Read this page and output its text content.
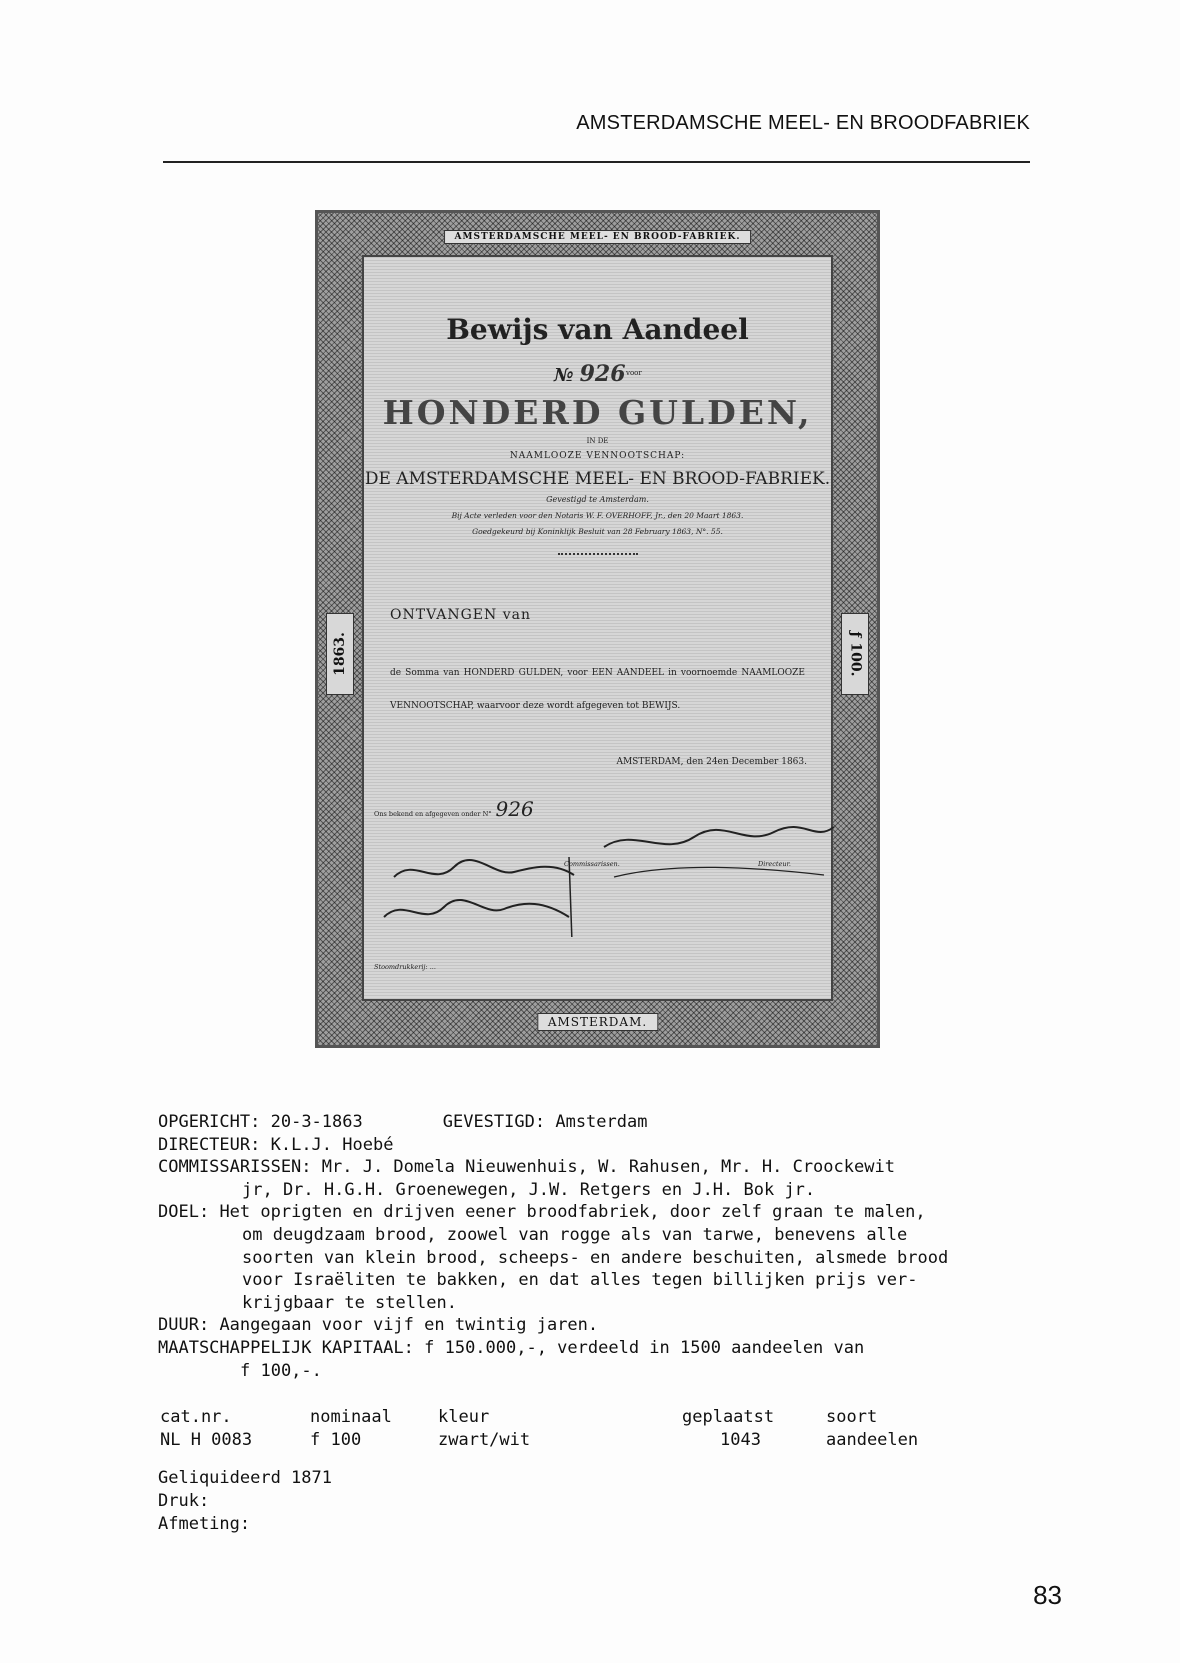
AMSTERDAMSCHE MEEL- EN BROODFABRIEK
AMSTERDAMSCHE MEEL- EN BROOD-FABRIEK.
1863.	ƒ 100.
AMSTERDAM.
Bewijs van Aandeel
№ 926 voor
HONDERD GULDEN,
IN DE
NAAMLOOZE VENNOOTSCHAP:
DE AMSTERDAMSCHE MEEL- EN BROOD-FABRIEK.
Gevestigd te Amsterdam.
Bij Acte verleden voor den Notaris W. F. OVERHOFF, Jr., den 20 Maart 1863.
Goedgekeurd bij Koninklijk Besluit van 28 February 1863, N°. 55.
ONTVANGEN van
de Somma van HONDERD GULDEN, voor EEN AANDEEL in voornoemde NAAMLOOZE VENNOOTSCHAP, waarvoor deze wordt afgegeven tot BEWIJS.
AMSTERDAM, den 24en December 1863.
Ons bekend en afgegeven onder N° 926
Commissarissen.	Directeur.
Stoomdrukkerij: ...
OPGERICHT: 20-3-1863	GEVESTIGD: Amsterdam
DIRECTEUR: K.L.J. Hoebé
COMMISSARISSEN: Mr. J. Domela Nieuwenhuis, W. Rahusen, Mr. H. Croockewit
jr, Dr. H.G.H. Groenewegen, J.W. Retgers en J.H. Bok jr.
DOEL: Het oprigten en drijven eener broodfabriek, door zelf graan te malen,
om deugdzaam brood, zoowel van rogge als van tarwe, benevens alle
soorten van klein brood, scheeps- en andere beschuiten, alsmede brood
voor Israëliten te bakken, en dat alles tegen billijken prijs ver-
krijgbaar te stellen.
DUUR: Aangegaan voor vijf en twintig jaren.
MAATSCHAPPELIJK KAPITAAL: f 150.000,-, verdeeld in 1500 aandeelen van
f 100,-.
cat.nr.	nominaal	kleur	geplaatst	soort
NL H 0083	f 100	zwart/wit	1043	aandeelen
Geliquideerd 1871
Druk:
Afmeting:
83
